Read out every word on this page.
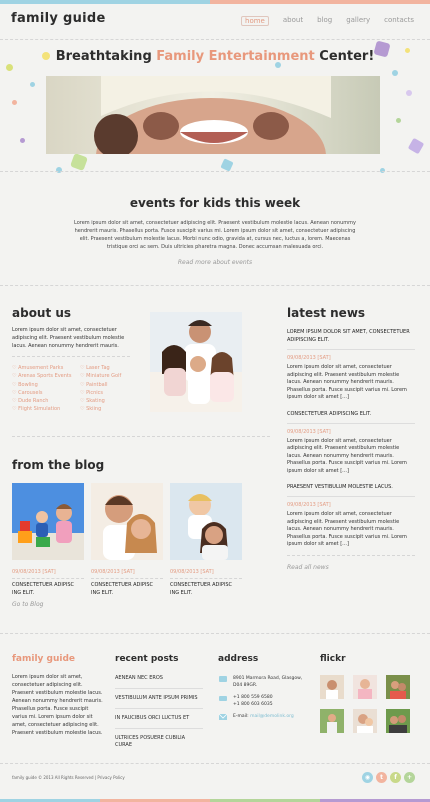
family guide	home	about blog gallery contacts
Breathtaking Family Entertainment Center!
events for kids this week
Lorem ipsum dolor sit amet, consectetuer adipiscing elit. Praesent vestibulum molestie lacus. Aenean nonummy hendrerit mauris. Phasellus porta. Fusce suscipit varius mi. Lorem ipsum dolor sit amet, consectetuer adipiscing elit. Praesent vestibulum molestie lacus. Morbi nunc odio, gravida at, cursus nec, luctus a, lorem. Maecenas tristique orci ac sem. Duis ultricies pharetra magna. Donec accumsan malesuada orci.
Read more about events
about us
Lorem ipsum dolor sit amet, consectetuer adipiscing elit. Praesent vestibulum molestie lacus. Aenean nonummy hendrerit mauris.
♡ Amusement Parks
♡ Arenas Sports Events
♡ Bowling
♡ Carousels
♡ Dude Ranch
♡ Flight Simulation
♡ Laser Tag
♡ Miniature Golf
♡ Paintball
♡ Picnics
♡ Skating
♡ Skiing
latest news
LOREM IPSUM DOLOR SIT AMET, CONSECTETUER ADIPISCING ELIT.
09/08/2013 [SAT]
Lorem ipsum dolor sit amet, consectetuer adipiscing elit. Praesent vestibulum molestie lacus. Aenean nonummy hendrerit mauris. Phasellus porta. Fusce suscipit varius mi. Lorem ipsum dolor sit amet [...]
CONSECTETUER ADIPISCING ELIT.
09/08/2013 [SAT]
Lorem ipsum dolor sit amet, consectetuer adipiscing elit. Praesent vestibulum molestie lacus. Aenean nonummy hendrerit mauris. Phasellus porta. Fusce suscipit varius mi. Lorem ipsum dolor sit amet [...]
PRAESENT VESTIBULUM MOLESTIE LACUS.
09/08/2013 [SAT]
Lorem ipsum dolor sit amet, consectetuer adipiscing elit. Praesent vestibulum molestie lacus. Aenean nonummy hendrerit mauris. Phasellus porta. Fusce suscipit varius mi. Lorem ipsum dolor sit amet [...]
Read all news
from the blog
09/08/2013 [SAT]
CONSECTETUER ADIPISC ING ELIT.
09/08/2013 [SAT]
CONSECTETUER ADIPISC ING ELIT.
09/08/2013 [SAT]
CONSECTETUER ADIPISC ING ELIT.
Go to Blog
family guide
Lorem ipsum dolor sit amet, consectetuer adipiscing elit. Praesent vestibulum molestie lacus. Aenean nonummy hendrerit mauris. Phasellus porta. Fusce suscipit varius mi. Lorem ipsum dolor sit amet, consectetuer adipiscing elit. Praesent vestibulum molestie lacus.
recent posts
AENEAN NEC EROS
VESTIBULUM ANTE IPSUM PRIMIS
IN FAUCIBUS ORCI LUCTUS ET
ULTRICES POSUERE CUBILIA CURAE
address
8901 Marmora Road, Glasgow, D04 89GR.
+1 800 559 6580
+1 800 603 6035
E-mail: mail@demolink.org
flickr
family guide © 2013 All Rights Reserved | Privacy Policy	◉	t	f	+
